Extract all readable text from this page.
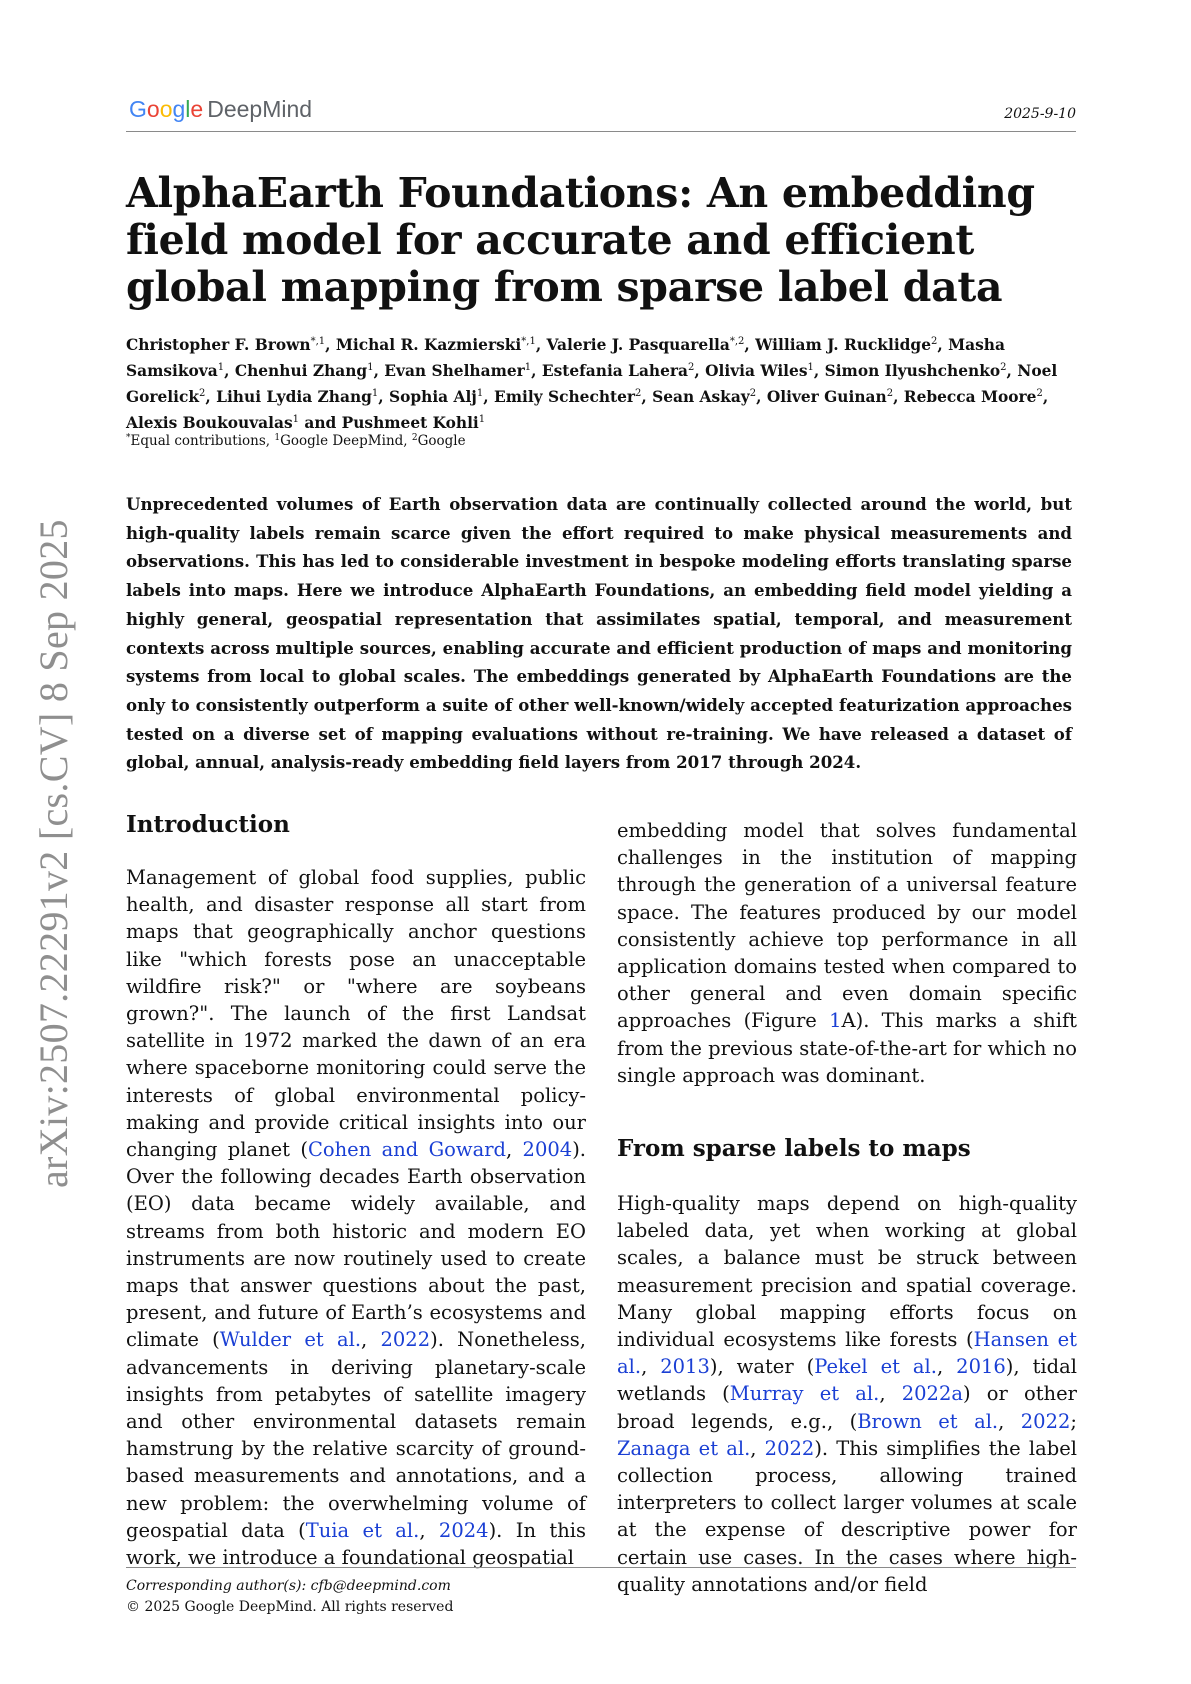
Google DeepMind	2025-9-10
arXiv:2507.22291v2 [cs.CV] 8 Sep 2025
AlphaEarth Foundations: An embedding field model for accurate and efficient global mapping from sparse label data

Christopher F. Brown$^{*,1}$, Michal R. Kazmierski$^{*,1}$, Valerie J. Pasquarella$^{*,2}$, William J. Rucklidge$^2$, Masha Samsikova$^1$, Chenhui Zhang$^1$, Evan Shelhamer$^1$, Estefania Lahera$^2$, Olivia Wiles$^1$, Simon Ilyushchenko$^2$, Noel Gorelick$^2$, Lihui Lydia Zhang$^1$, Sophia Alj$^1$, Emily Schechter$^2$, Sean Askay$^2$, Oliver Guinan$^2$, Rebecca Moore$^2$, Alexis Boukouvalas$^1$ and Pushmeet Kohli$^1$

*Equal contributions, $^1$Google DeepMind, $^2$Google

Unprecedented volumes of Earth observation data are continually collected around the world, but high-quality labels remain scarce given the effort required to make physical measurements and observations. This has led to considerable investment in bespoke modeling efforts translating sparse labels into maps. Here we introduce AlphaEarth Foundations, an embedding field model yielding a highly general, geospatial representation that assimilates spatial, temporal, and measurement contexts across multiple sources, enabling accurate and efficient production of maps and monitoring systems from local to global scales. The embeddings generated by AlphaEarth Foundations are the only to consistently outperform a suite of other well-known/widely accepted featurization approaches tested on a diverse set of mapping evaluations without re-training. We have released a dataset of global, annual, analysis-ready embedding field layers from 2017 through 2024.

Introduction

Management of global food supplies, public health, and disaster response all start from maps that geographically anchor questions like "which forests pose an unacceptable wildfire risk?" or "where are soybeans grown?". The launch of the first Landsat satellite in 1972 marked the dawn of an era where spaceborne monitoring could serve the interests of global environmental policy-making and provide critical insights into our changing planet (Cohen and Goward, 2004). Over the following decades Earth observation (EO) data became widely available, and streams from both historic and modern EO instruments are now routinely used to create maps that answer questions about the past, present, and future of Earth’s ecosystems and climate (Wulder et al., 2022). Nonetheless, advancements in deriving planetary-scale insights from petabytes of satellite imagery and other environmental datasets remain hamstrung by the relative scarcity of ground-based measurements and annotations, and a new problem: the overwhelming volume of geospatial data (Tuia et al., 2024). In this work, we introduce a foundational geospatial

embedding model that solves fundamental challenges in the institution of mapping through the generation of a universal feature space. The features produced by our model consistently achieve top performance in all application domains tested when compared to other general and even domain specific approaches (Figure 1A). This marks a shift from the previous state-of-the-art for which no single approach was dominant.

From sparse labels to maps

High-quality maps depend on high-quality labeled data, yet when working at global scales, a balance must be struck between measurement precision and spatial coverage. Many global mapping efforts focus on individual ecosystems like forests (Hansen et al., 2013), water (Pekel et al., 2016), tidal wetlands (Murray et al., 2022a) or other broad legends, e.g., (Brown et al., 2022; Zanaga et al., 2022). This simplifies the label collection process, allowing trained interpreters to collect larger volumes at scale at the expense of descriptive power for certain use cases. In the cases where high-quality annotations and/or field

Corresponding author(s): cfb@deepmind.com
© 2025 Google DeepMind. All rights reserved
